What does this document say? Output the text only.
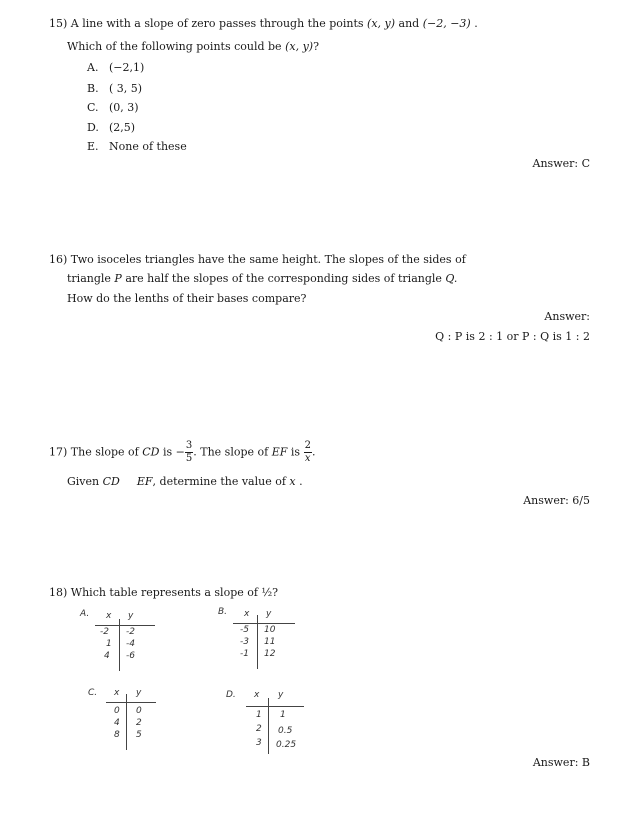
15) A line with a slope of zero passes through the points (x, y) and (−2, −3) .
Which of the following points could be (x, y)?
A. (−2,1)
B. ( 3, 5)
C. (0, 3)
D. (2,5)
E. None of these
Answer: C
16) Two isoceles triangles have the same height. The slopes of the sides of
triangle P are half the slopes of the corresponding sides of triangle Q.
How do the lenths of their bases compare?
Answer:
Q : P is 2 : 1 or P : Q is 1 : 2
17) The slope of CD is − $\frac{3}{5}$ . The slope of EF is $\frac{2}{x}$ .
Given CD EF, determine the value of x .
Answer: 6/5
18) Which table represents a slope of ½?
A. x y
-2 -2
1 -4
4 -6
B. x y
-5 10
-3 11
-1 12
C. x y
0 0
4 2
8 5
D. x y
1 1
2 0.5
3 0.25
Answer: B
